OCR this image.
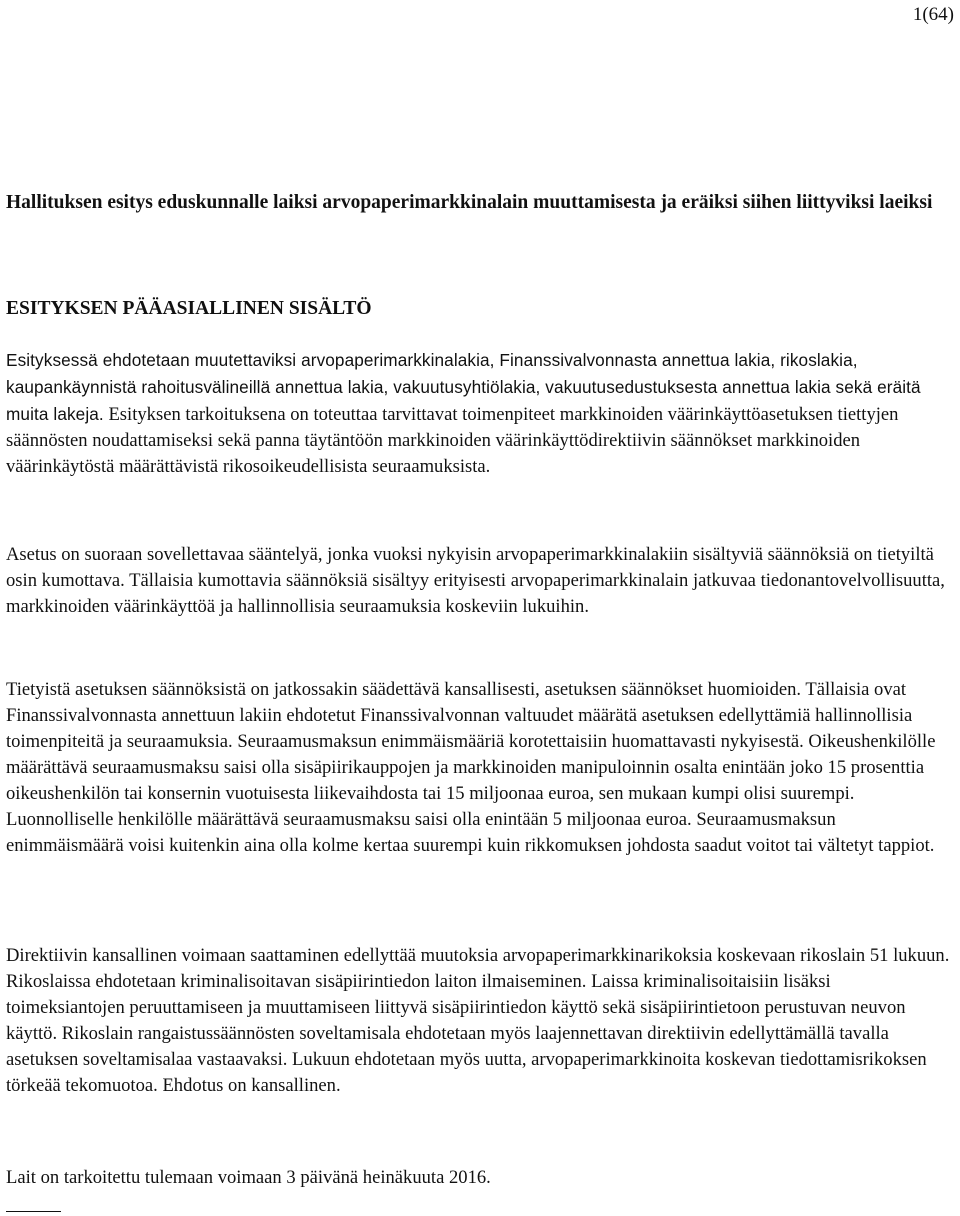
1(64)
Hallituksen esitys eduskunnalle laiksi arvopaperimarkkinalain muuttamisesta ja eräiksi siihen liittyviksi laeiksi
ESITYKSEN PÄÄASIALLINEN SISÄLTÖ

Esityksessä ehdotetaan muutettaviksi arvopaperimarkkinalakia, Finanssivalvonnasta annettua lakia, rikoslakia, kaupankäynnistä rahoitusvälineillä annettua lakia, vakuutusyhtiölakia, vakuutusedustuksesta annettua lakia sekä eräitä muita lakeja. Esityksen tarkoituksena on toteuttaa tarvittavat toimenpiteet markkinoiden väärinkäyttöasetuksen tiettyjen säännösten noudattamiseksi sekä panna täytäntöön markkinoiden väärinkäyttödirektiivin säännökset markkinoiden väärinkäytöstä määrättävistä rikosoikeudellisista seuraamuksista.

Asetus on suoraan sovellettavaa sääntelyä, jonka vuoksi nykyisin arvopaperimarkkinalakiin sisältyviä säännöksiä on tietyiltä osin kumottava. Tällaisia kumottavia säännöksiä sisältyy erityisesti arvopaperimarkkinalain jatkuvaa tiedonantovelvollisuutta, markkinoiden väärinkäyttöä ja hallinnollisia seuraamuksia koskeviin lukuihin.

Tietyistä asetuksen säännöksistä on jatkossakin säädettävä kansallisesti, asetuksen säännökset huomioiden. Tällaisia ovat Finanssivalvonnasta annettuun lakiin ehdotetut Finanssivalvonnan valtuudet määrätä asetuksen edellyttämiä hallinnollisia toimenpiteitä ja seuraamuksia. Seuraamusmaksun enimmäismääriä korotettaisiin huomattavasti nykyisestä. Oikeushenkilölle määrättävä seuraamusmaksu saisi olla sisäpiirikauppojen ja markkinoiden manipuloinnin osalta enintään joko 15 prosenttia oikeushenkilön tai konsernin vuotuisesta liikevaihdosta tai 15 miljoonaa euroa, sen mukaan kumpi olisi suurempi. Luonnolliselle henkilölle määrättävä seuraamusmaksu saisi olla enintään 5 miljoonaa euroa. Seuraamusmaksun enimmäismäärä voisi kuitenkin aina olla kolme kertaa suurempi kuin rikkomuksen johdosta saadut voitot tai vältetyt tappiot.

Direktiivin kansallinen voimaan saattaminen edellyttää muutoksia arvopaperimarkkinarikoksia koskevaan rikoslain 51 lukuun. Rikoslaissa ehdotetaan kriminalisoitavan sisäpiirintiedon laiton ilmaiseminen. Laissa kriminalisoitaisiin lisäksi toimeksiantojen peruuttamiseen ja muuttamiseen liittyvä sisäpiirintiedon käyttö sekä sisäpiirintietoon perustuvan neuvon käyttö. Rikoslain rangaistussäännösten soveltamisala ehdotetaan myös laajennettavan direktiivin edellyttämällä tavalla asetuksen soveltamisalaa vastaavaksi. Lukuun ehdotetaan myös uutta, arvopaperimarkkinoita koskevan tiedottamisrikoksen törkeää tekomuotoa. Ehdotus on kansallinen.

Lait on tarkoitettu tulemaan voimaan 3 päivänä heinäkuuta 2016.
